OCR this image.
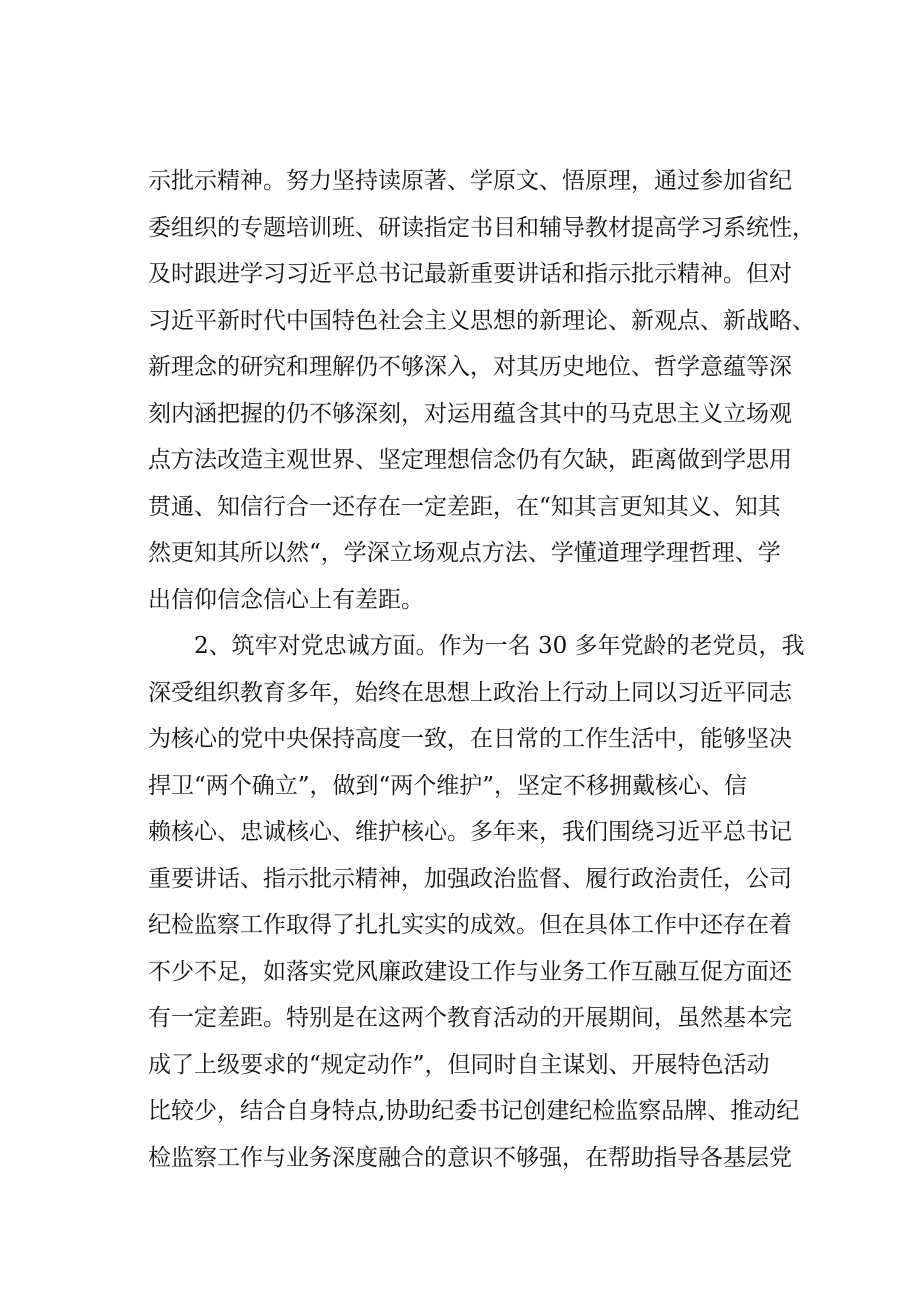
示批示精神。努力坚持读原著、学原文、悟原理，通过参加省纪
委组织的专题培训班、研读指定书目和辅导教材提高学习系统性，
及时跟进学习习近平总书记最新重要讲话和指示批示精神。但对
习近平新时代中国特色社会主义思想的新理论、新观点、新战略、
新理念的研究和理解仍不够深入，对其历史地位、哲学意蕴等深
刻内涵把握的仍不够深刻，对运用蕴含其中的马克思主义立场观
点方法改造主观世界、坚定理想信念仍有欠缺，距离做到学思用
贯通、知信行合一还存在一定差距，在“知其言更知其义、知其
然更知其所以然“，学深立场观点方法、学懂道理学理哲理、学
出信仰信念信心上有差距。
2、筑牢对党忠诚方面。作为一名 30 多年党龄的老党员，我
深受组织教育多年，始终在思想上政治上行动上同以习近平同志
为核心的党中央保持高度一致，在日常的工作生活中，能够坚决
捍卫“两个确立”，做到“两个维护”，坚定不移拥戴核心、信
赖核心、忠诚核心、维护核心。多年来，我们围绕习近平总书记
重要讲话、指示批示精神，加强政治监督、履行政治责任，公司
纪检监察工作取得了扎扎实实的成效。但在具体工作中还存在着
不少不足，如落实党风廉政建设工作与业务工作互融互促方面还
有一定差距。特别是在这两个教育活动的开展期间，虽然基本完
成了上级要求的“规定动作”，但同时自主谋划、开展特色活动
比较少，结合自身特点,协助纪委书记创建纪检监察品牌、推动纪
检监察工作与业务深度融合的意识不够强，在帮助指导各基层党
